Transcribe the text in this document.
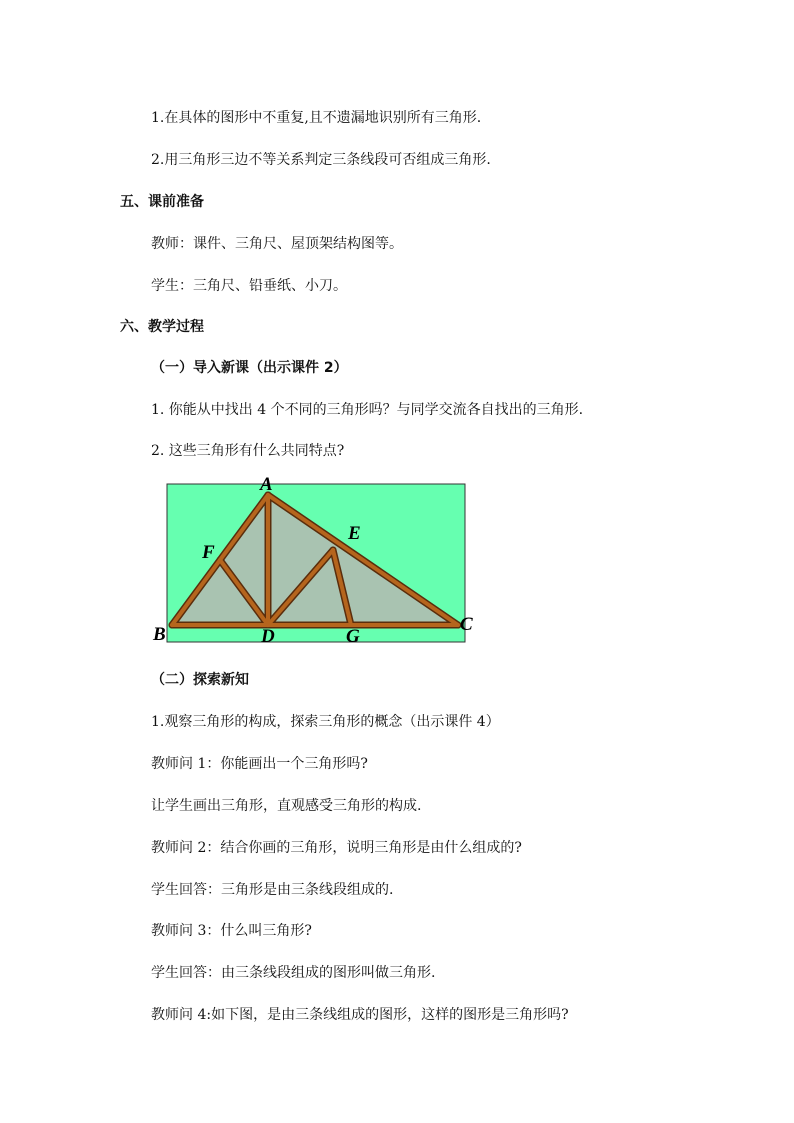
1.在具体的图形中不重复,且不遗漏地识别所有三角形.
2.用三角形三边不等关系判定三条线段可否组成三角形.
五、课前准备
教师：课件、三角尺、屋顶架结构图等。
学生：三角尺、铅垂纸、小刀。
六、教学过程
（一）导入新课（出示课件 2）
1. 你能从中找出 4 个不同的三角形吗？与同学交流各自找出的三角形.
2. 这些三角形有什么共同特点?
A
B	C
D
E
F
G
（二）探索新知
1.观察三角形的构成，探索三角形的概念（出示课件 4）
教师问 1：你能画出一个三角形吗?
让学生画出三角形，直观感受三角形的构成.
教师问 2：结合你画的三角形，说明三角形是由什么组成的?
学生回答：三角形是由三条线段组成的.
教师问 3：什么叫三角形?
学生回答：由三条线段组成的图形叫做三角形.
教师问 4:如下图，是由三条线组成的图形，这样的图形是三角形吗?
